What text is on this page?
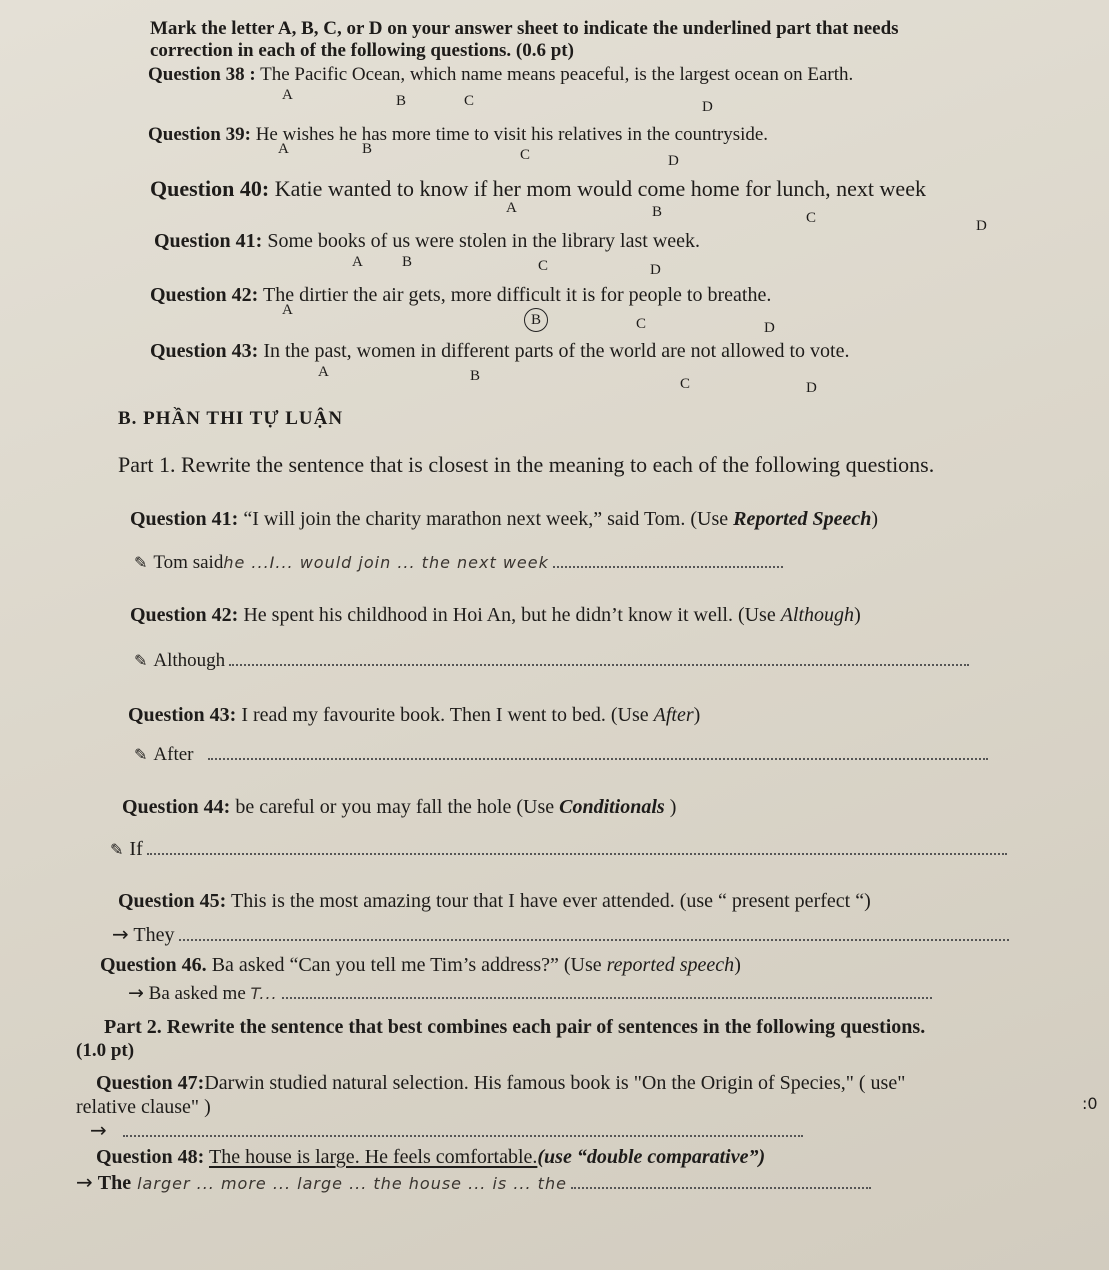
Mark the letter A, B, C, or D on your answer sheet to indicate the underlined part that needs
correction in each of the following questions. (0.6 pt)
Question 38 : The Pacific Ocean, which name means peaceful, is the largest ocean on Earth.
A	B	C	D
Question 39: He wishes he has more time to visit his relatives in the countryside.
A	B	C	D
Question 40: Katie wanted to know if her mom would come home for lunch, next week
A	B	C	D
Question 41: Some books of us were stolen in the library last week.
A	B	C	D
Question 42: The dirtier the air gets, more difficult it is for people to breathe.
A
B	C	D
Question 43: In the past, women in different parts of the world are not allowed to vote.
A	B	C	D
B. PHẦN THI TỰ LUẬN
Part 1. Rewrite the sentence that is closest in the meaning to each of the following questions.
Question 41: “I will join the charity marathon next week,” said Tom. (Use Reported Speech)
✎ Tom saidhe ...I... would join ... the next week
Question 42: He spent his childhood in Hoi An, but he didn’t know it well. (Use Although)
✎ Although
Question 43: I read my favourite book. Then I went to bed. (Use After)
✎ After
Question 44: be careful or you may fall the hole (Use Conditionals )
✎ If
Question 45: This is the most amazing tour that I have ever attended. (use “ present perfect “)
→ They
Question 46. Ba asked “Can you tell me Tim’s address?” (Use reported speech)
→ Ba asked me T...
Part 2. Rewrite the sentence that best combines each pair of sentences in the following questions.
(1.0 pt)
Question 47:Darwin studied natural selection. His famous book is "On the Origin of Species," ( use"
relative clause" )	:0
→
Question 48: The house is large. He feels comfortable.(use “double comparative”)
→ The larger ... more ... large ... the house ... is ... the
